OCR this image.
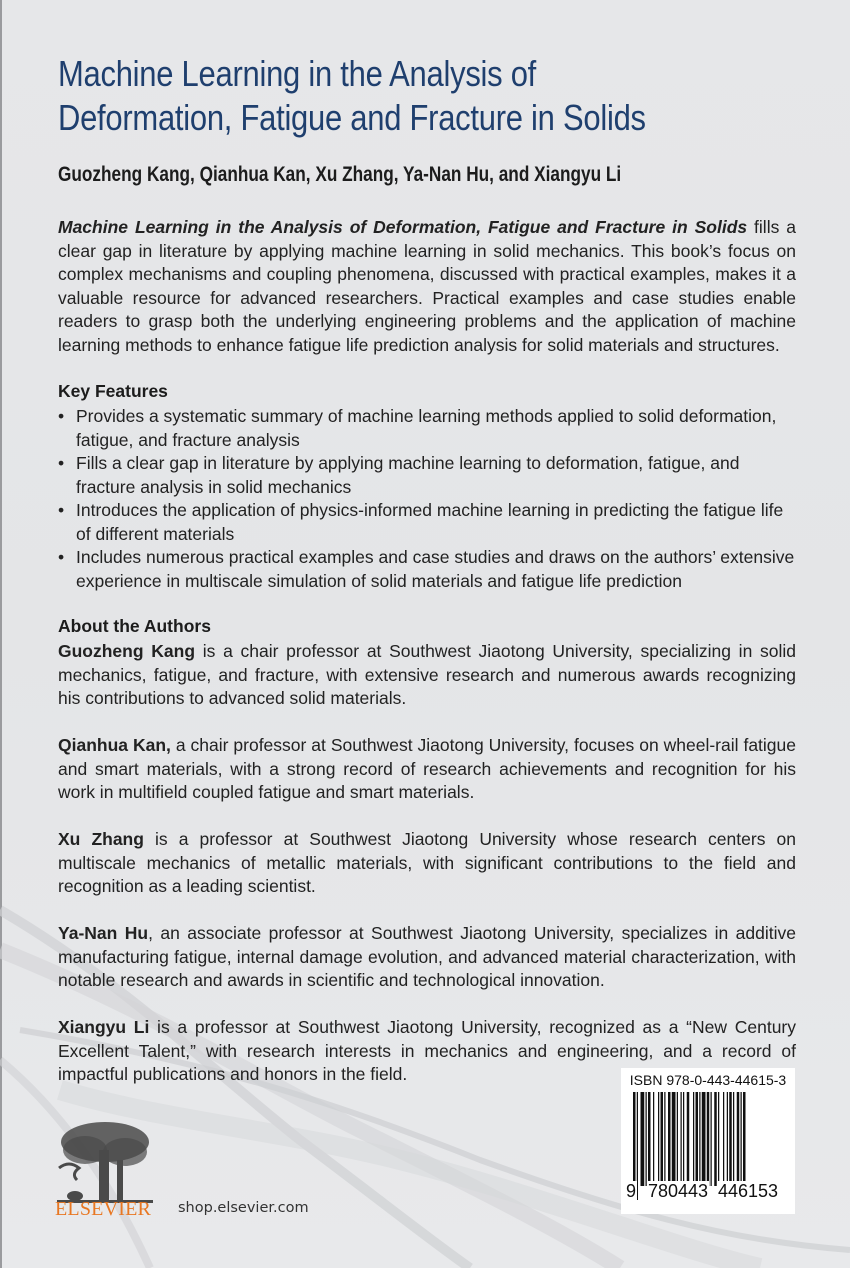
Machine Learning in the Analysis of
Deformation, Fatigue and Fracture in Solids
Guozheng Kang, Qianhua Kan, Xu Zhang, Ya-Nan Hu, and Xiangyu Li
Machine Learning in the Analysis of Deformation, Fatigue and Fracture in Solids fills a clear gap in literature by applying machine learning in solid mechanics. This book’s focus on complex mechanisms and coupling phenomena, discussed with practical examples, makes it a valuable resource for advanced researchers. Practical examples and case studies enable readers to grasp both the underlying engineering problems and the application of machine learning methods to enhance fatigue life prediction analysis for solid materials and structures.
Key Features
• Provides a systematic summary of machine learning methods applied to solid deformation, fatigue, and fracture analysis
• Fills a clear gap in literature by applying machine learning to deformation, fatigue, and fracture analysis in solid mechanics
• Introduces the application of physics-informed machine learning in predicting the fatigue life of different materials
• Includes numerous practical examples and case studies and draws on the authors’ extensive experience in multiscale simulation of solid materials and fatigue life prediction
About the Authors
Guozheng Kang is a chair professor at Southwest Jiaotong University, specializing in solid mechanics, fatigue, and fracture, with extensive research and numerous awards recognizing his contributions to advanced solid materials.
Qianhua Kan, a chair professor at Southwest Jiaotong University, focuses on wheel-rail fatigue and smart materials, with a strong record of research achievements and recognition for his work in multifield coupled fatigue and smart materials.
Xu Zhang is a professor at Southwest Jiaotong University whose research centers on multiscale mechanics of metallic materials, with significant contributions to the field and recognition as a leading scientist.
Ya-Nan Hu, an associate professor at Southwest Jiaotong University, specializes in additive manufacturing fatigue, internal damage evolution, and advanced material characterization, with notable research and awards in scientific and technological innovation.
Xiangyu Li is a professor at Southwest Jiaotong University, recognized as a “New Century Excellent Talent,” with research interests in mechanics and engineering, and a record of impactful publications and honors in the field.	ISBN 978-0-443-44615-3
9 780443 446153
ELSEVIER shop.elsevier.com
